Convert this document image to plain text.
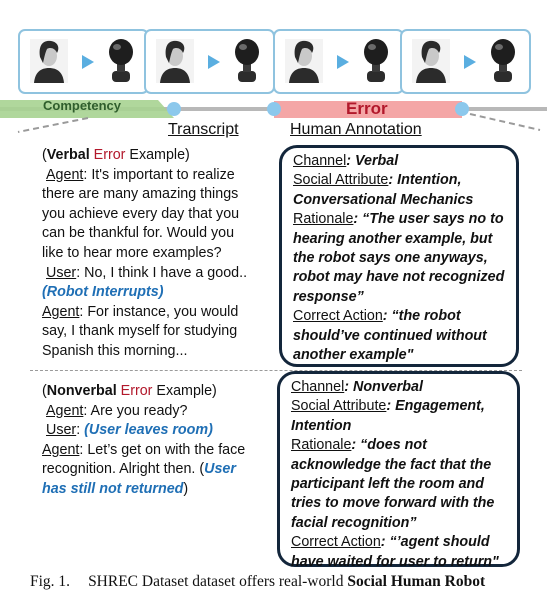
Competency	Error
Transcript	Human Annotation
(Verbal Error Example)
Agent: It's important to realize
there are many amazing things
you achieve every day that you
can be thankful for. Would you
like to hear more examples?
User: No, I think I have a good..
(Robot Interrupts)
Agent: For instance, you would
say, I thank myself for studying
Spanish this morning...
Channel: Verbal
Social Attribute: Intention,
Conversational Mechanics
Rationale: “The user says no to
hearing another example, but
the robot says one anyways,
robot may have not recognized
response”
Correct Action: “the robot
should’ve continued without
another example"
(Nonverbal Error Example)
Agent: Are you ready?
User: (User leaves room)
Agent: Let’s get on with the face
recognition. Alright then. (User
has still not returned)
Channel: Nonverbal
Social Attribute: Engagement,
Intention
Rationale: “does not
acknowledge the fact that the
participant left the room and
tries to move forward with the
facial recognition”
Correct Action: “’agent should
have waited for user to return"
Fig. 1. SHREC Dataset dataset offers real-world Social Human Robot
